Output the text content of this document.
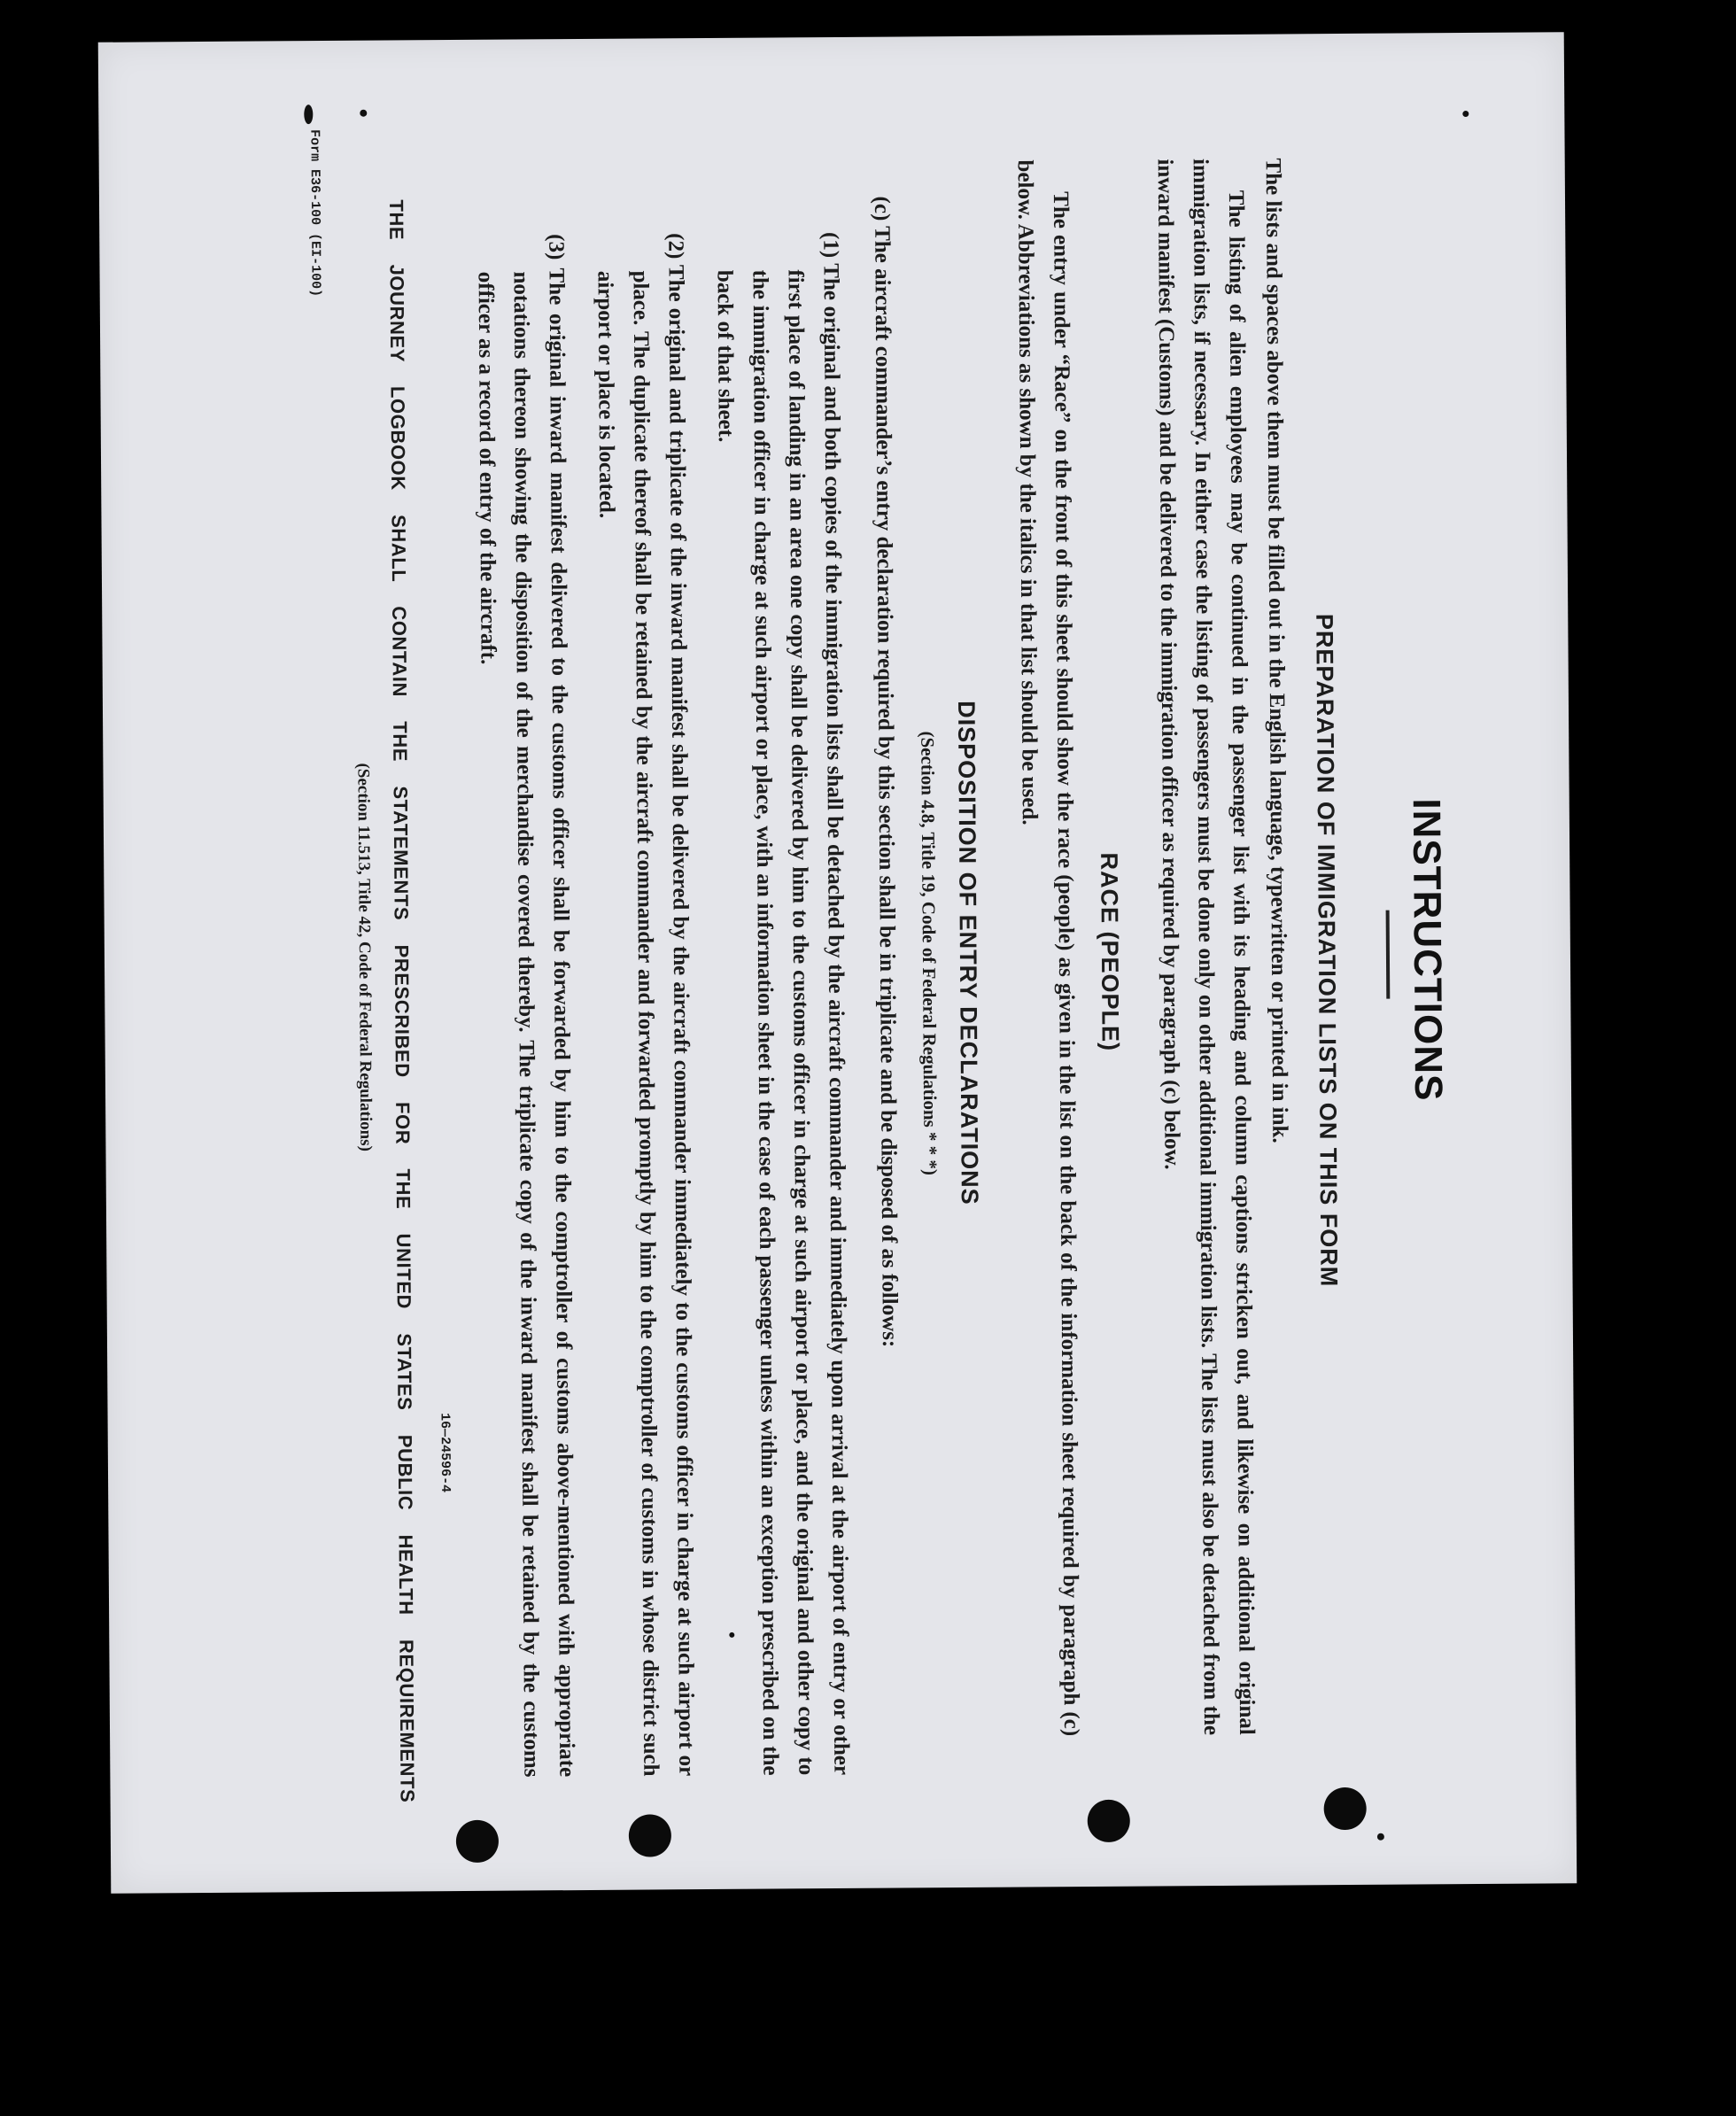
INSTRUCTIONS
PREPARATION OF IMMIGRATION LISTS ON THIS FORM

The lists and spaces above them must be filled out in the English language, typewritten or printed in ink.

The listing of alien employees may be continued in the passenger list with its heading and column captions stricken out, and likewise on additional original immigration lists, if necessary. In either case the listing of passengers must be done only on other additional immigration lists. The lists must also be detached from the inward manifest (Customs) and be delivered to the immigration officer as required by paragraph (c) below.

RACE (PEOPLE)

The entry under “Race” on the front of this sheet should show the race (people) as given in the list on the back of the information sheet required by paragraph (c) below. Abbreviations as shown by the italics in that list should be used.

DISPOSITION OF ENTRY DECLARATIONS
(Section 4.8, Title 19, Code of Federal Regulations * * *)

(c) The aircraft commander’s entry declaration required by this section shall be in triplicate and be disposed of as follows:

(1) The original and both copies of the immigration lists shall be detached by the aircraft commander and immediately upon arrival at the airport of entry or other first place of landing in an area one copy shall be delivered by him to the customs officer in charge at such airport or place, and the original and other copy to the immigration officer in charge at such airport or place, with an information sheet in the case of each passenger unless within an exception prescribed on the back of that sheet.

(2) The original and triplicate of the inward manifest shall be delivered by the aircraft commander immediately to the customs officer in charge at such airport or place. The duplicate thereof shall be retained by the aircraft commander and forwarded promptly by him to the comptroller of customs in whose district such airport or place is located.

(3) The original inward manifest delivered to the customs officer shall be forwarded by him to the comptroller of customs above-mentioned with appropriate notations thereon showing the disposition of the merchandise covered thereby. The triplicate copy of the inward manifest shall be retained by the customs officer as a record of entry of the aircraft.

16—24596-4
THE JOURNEY LOGBOOK SHALL CONTAIN THE STATEMENTS PRESCRIBED FOR THE UNITED STATES PUBLIC HEALTH REQUIREMENTS
(Section 11.513, Title 42, Code of Federal Regulations)
Form E36-100 (EI-100)
